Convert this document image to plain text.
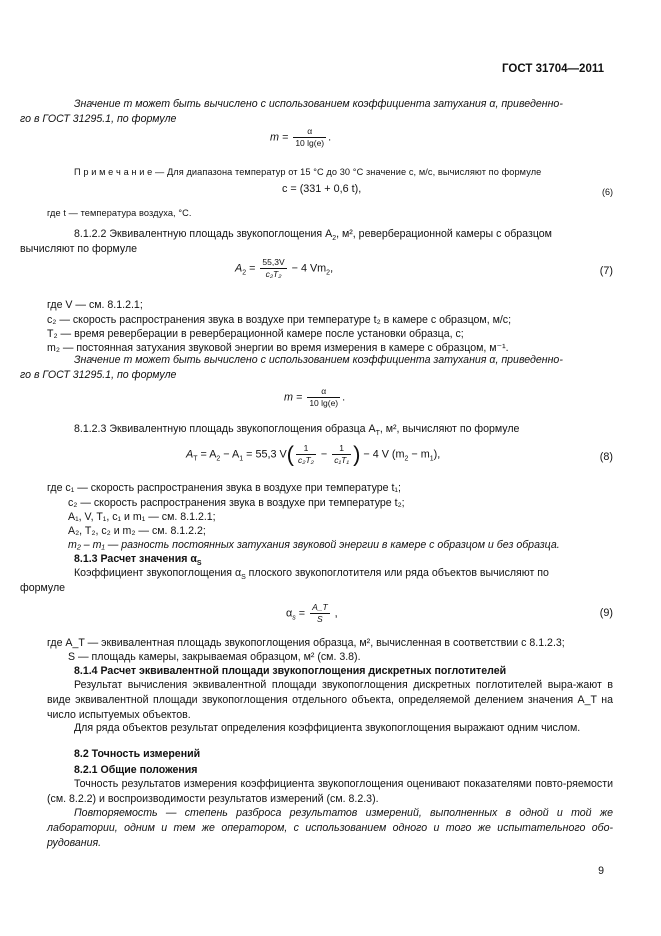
ГОСТ 31704—2011
Значение m может быть вычислено с использованием коэффициента затухания α, приведенно-
го в ГОСТ 31295.1, по формуле
$m = \frac{\alpha}{10 \lg(e)}$ .
П р и м е ч а н и е — Для диапазона температур от 15 °С до 30 °С значение c, м/с, вычисляют по формуле
c = (331 + 0,6 t),	(6)
где t — температура воздуха, °С.
8.1.2.2 Эквивалентную площадь звукопоглощения $A_2$, м², реверберационной камеры с образцом
вычисляют по формуле
$A_2 = \frac{55,3V}{\text{c₂T₂}} - 4$ $Vm_2$,	(7)
где V — см. 8.1.2.1;
c₂ — скорость распространения звука в воздухе при температуре t₂ в камере с образцом, м/с;
T₂ — время реверберации в реверберационной камере после установки образца, с;
m₂ — постоянная затухания звуковой энергии во время измерения в камере с образцом, м⁻¹.
Значение m может быть вычислено с использованием коэффициента затухания α, приведенно-
го в ГОСТ 31295.1, по формуле
$m = \frac{\alpha}{10 \lg(e)}$ .
8.1.2.3 Эквивалентную площадь звукопоглощения образца $A_T$, м², вычисляют по формуле
$A_T = A_2 - A_1 = 55,3$ $V( \frac{1}{\text{c₂T₂}} - \frac{1}{\text{c₁T₁}}$ ) − 4 V $(m_2 - m_1)$,	(8)
где c₁ — скорость распространения звука в воздухе при температуре t₁;
c₂ — скорость распространения звука в воздухе при температуре t₂;
A₁, V, T₁, c₁ и m₁ — см. 8.1.2.1;
A₂, T₂, c₂ и m₂ — см. 8.1.2.2;
m₂ – m₁ — разность постоянных затухания звуковой энергии в камере с образцом и без образца.
8.1.3 Расчет значения $\alpha_S$
Коэффициент звукопоглощения $\alpha_S$ плоского звукопоглотителя или ряда объектов вычисляют по
формуле
$\alpha_s = \frac{A\_T}{S}$ ,	(9)
где A_T — эквивалентная площадь звукопоглощения образца, м², вычисленная в соответствии с 8.1.2.3;
S — площадь камеры, закрываемая образцом, м² (см. 3.8).
8.1.4 Расчет эквивалентной площади звукопоглощения дискретных поглотителей
Результат вычисления эквивалентной площади звукопоглощения дискретных поглотителей выра-жают в виде эквивалентной площади звукопоглощения отдельного объекта, определяемой делением значения A_T на число испытуемых объектов.
Для ряда объектов результат определения коэффициента звукопоглощения выражают одним числом.
8.2 Точность измерений
8.2.1 Общие положения
Точность результатов измерения коэффициента звукопоглощения оценивают показателями повто-ряемости (см. 8.2.2) и воспроизводимости результатов измерений (см. 8.2.3).
Повторяемость — степень разброса результатов измерений, выполненных в одной и той же лаборатории, одним и тем же оператором, с использованием одного и того же испытательного обо-рудования.
9
